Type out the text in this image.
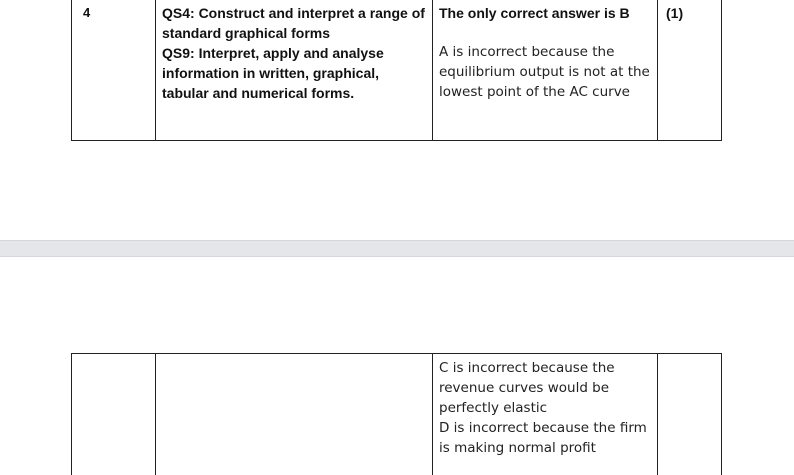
4	QS4: Construct and interpret a range of standard graphical forms

QS9: Interpret, apply and analyse information in written, graphical, tabular and numerical forms.

The only correct answer is B

A is incorrect because the equilibrium output is not at the lowest point of the AC curve

(1)

C is incorrect because the revenue curves would be perfectly elastic

D is incorrect because the firm is making normal profit
